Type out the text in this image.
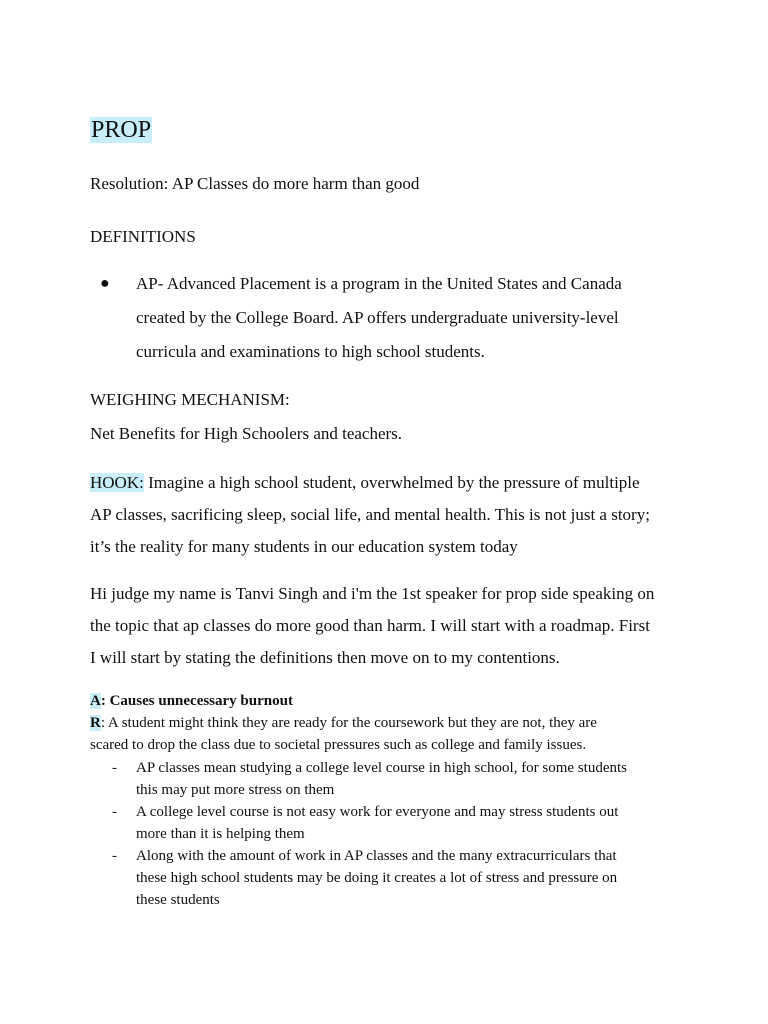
PROP
Resolution: AP Classes do more harm than good
DEFINITIONS
● AP- Advanced Placement is a program in the United States and Canada
created by the College Board. AP offers undergraduate university-level
curricula and examinations to high school students.
WEIGHING MECHANISM:
Net Benefits for High Schoolers and teachers.
HOOK: Imagine a high school student, overwhelmed by the pressure of multiple
AP classes, sacrificing sleep, social life, and mental health. This is not just a story;
it’s the reality for many students in our education system today
Hi judge my name is Tanvi Singh and i'm the 1st speaker for prop side speaking on
the topic that ap classes do more good than harm. I will start with a roadmap. First
I will start by stating the definitions then move on to my contentions.
A: Causes unnecessary burnout
R: A student might think they are ready for the coursework but they are not, they are
scared to drop the class due to societal pressures such as college and family issues.
- AP classes mean studying a college level course in high school, for some students
this may put more stress on them
- A college level course is not easy work for everyone and may stress students out
more than it is helping them
- Along with the amount of work in AP classes and the many extracurriculars that
these high school students may be doing it creates a lot of stress and pressure on
these students
